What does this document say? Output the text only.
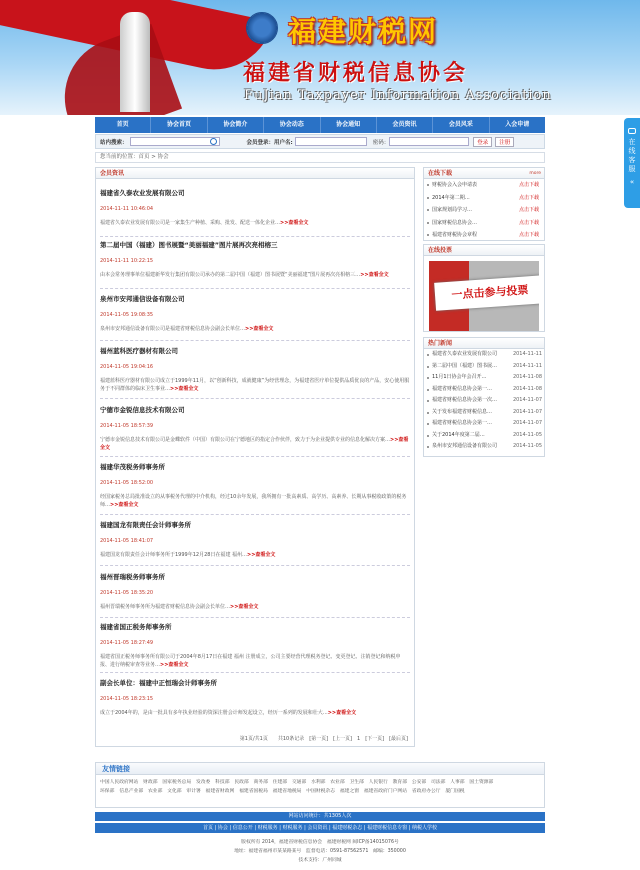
福建财税网
福建省财税信息协会
FuJian Taxpayer Information Association
首页	协会首页	协会简介	协会动态	协会通知	会员资讯	会员风采	入会申请
站内搜索：	会员登录：用户名:	密码：	登录	注册
您当前的位置：首页 > 协会
会员资讯
福建省久泰农业发展有限公司
2014-11-11 10:46:04
福建省久泰农业发展有限公司是一家集生产种植、采购、批发、配送一体化企业…>>查看全文
第二届中国（福建）图书展暨“美丽福建”图片展再次亮相榕三
2014-11-11 10:22:15
由本会常务理事单位福建新华发行集团有限公司承办的第二届中国（福建）图书展暨“美丽福建”图片展再次亮相榕三…>>查看全文
泉州市安邦通信设备有限公司
2014-11-05 19:08:35
泉州市安邦通信设备有限公司是福建省财税信息协会副会长单位…>>查看全文
福州蓝科医疗器材有限公司
2014-11-05 19:04:16
福建蓝科医疗器材有限公司成立于1999年11月，以“创新科技，成就健康”为经营理念，为福建省医疗单位提供品质优良的产品，安心使用服务于不同群体的临床卫生事业…>>查看全文
宁德市金锐信息技术有限公司
2014-11-05 18:57:39
宁德市金锐信息技术有限公司是金蝶软件（中国）有限公司在宁德地区的指定合作伙伴，致力于为企业提供专业的信息化解决方案…>>查看全文
福建华茂税务师事务所
2014-11-05 18:52:00
经国家税务总局批准设立的从事税务代理的中介机构，经过10余年发展，我所拥有一批高素质、高学历、高素养、长期从事税收政策的税务师…>>查看全文
福建国龙有限责任会计师事务所
2014-11-05 18:41:07
福建国龙有限责任会计师事务所于1999年12月28日在福建 福州…>>查看全文
福州晋瑞税务师事务所
2014-11-05 18:35:20
福州晋瑞税务师事务所为福建省财税信息协会副会长单位…>>查看全文
福建省国正税务师事务所
2014-11-05 18:27:49
福建省国正税务师事务所有限公司于2004年8月17日在福建 福州 注册成立，公司主要经营代理税务登记、变更登记、注销登记和纳税申报、进行纳税审查等业务…>>查看全文
副会长单位：福建中正恒瑞会计师事务所
2014-11-05 18:23:15
成立于2004年的，是由一批具有多年执业经验的资深注册会计师发起设立，经历一系列的发展和壮大…>>查看全文
第1页/共1页　　共10条记录　[第一页]　[上一页]　1　[下一页]　[最后页]
在线下载	more
财税协会入会申请表	点击下载
2014年第二期…	点击下载
国家规划局学习…	点击下载
国家财税信息协会…	点击下载
福建省财税协会章程	点击下载
在线投票
一点击参与投票
热门新闻
福建省久泰农业发展有限公司	2014-11-11
第二届中国（福建）图书展…	2014-11-11
11月1日协会年会召开…	2014-11-08
福建省财税信息协会第一…	2014-11-08
福建省财税信息协会第一次…	2014-11-07
关于发布福建省财税信息…	2014-11-07
福建省财税信息协会第一…	2014-11-07
关于2014年度第二届…	2014-11-05
泉州市安邦通信设备有限公司	2014-11-05
友情链接
中国人民政府网站　财政部　国家税务总局　发改委　科技部　民政部　商务部　住建部　交通部　水利部　农业部　卫生部　人民银行　教育部　公安部　司法部　人事部　国土资源部
环保部　信息产业部　农业部　文化部　审计署　福建省财政网　福建省国税局　福建省地税局　中国财税杂志　福建之窗　福建省政府门户网站　省政府办公厅　厦门国税
网站访问统计：共1305人次
首页 | 协会 | 信息公开 | 财税服务 | 财税服务 | 会员资讯 | 福建财税杂志 | 福建财税信息专窗 | 纳税人学校
版权所有 2014，福建省财税信息协会　福建财税网 闽ICP备14015076号
地址：福建省福州市某某路某号　监督电话：0591-87562571　邮编：350000
技术支持：广州同城
在线客服
«
